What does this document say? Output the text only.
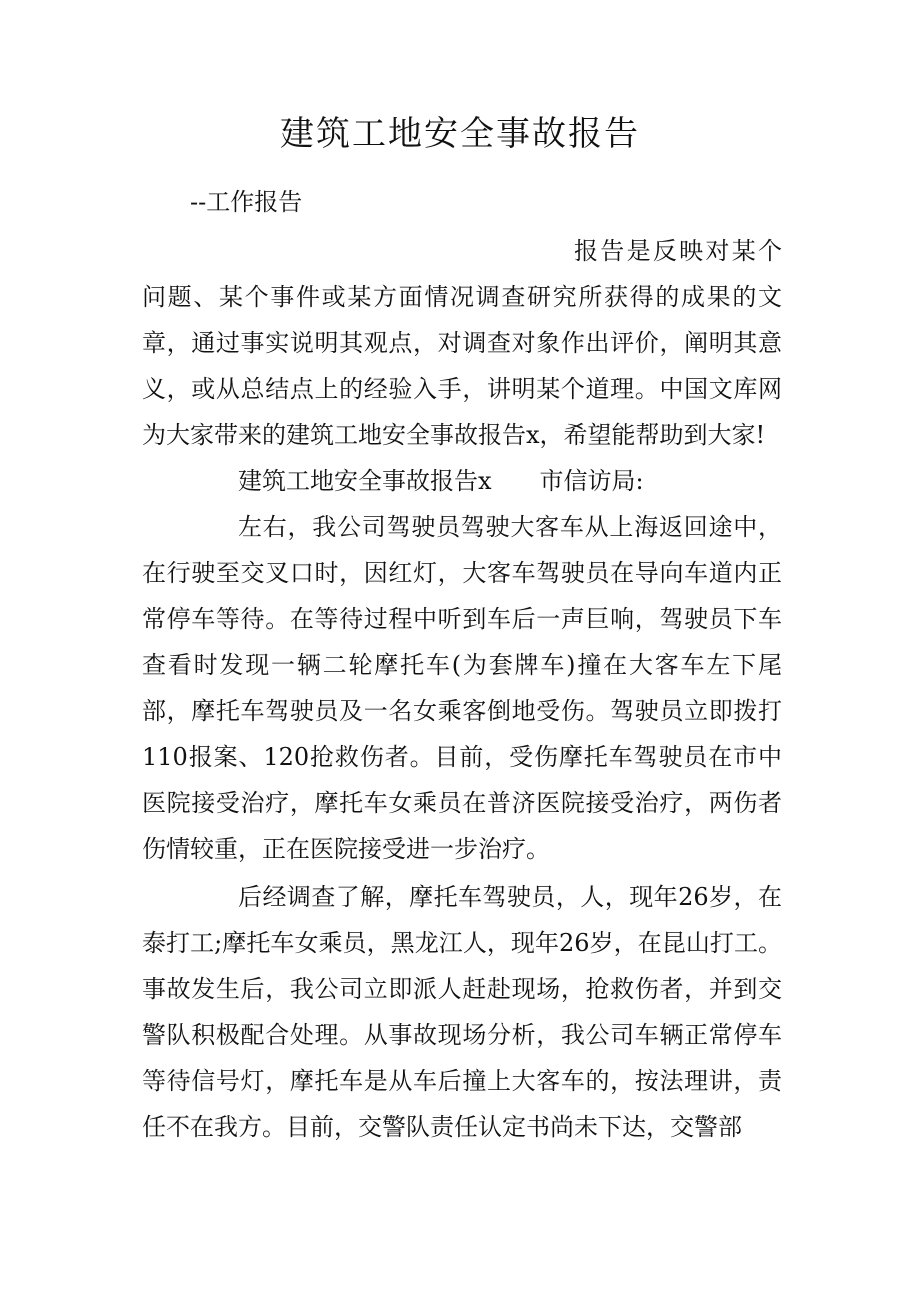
建筑工地安全事故报告

--工作报告

报告是反映对某个问题、某个事件或某方面情况调查研究所获得的成果的文章，通过事实说明其观点，对调查对象作出评价，阐明其意义，或从总结点上的经验入手，讲明某个道理。中国文库网为大家带来的建筑工地安全事故报告x，希望能帮助到大家!

建筑工地安全事故报告x 市信访局:

左右，我公司驾驶员驾驶大客车从上海返回途中，在行驶至交叉口时，因红灯，大客车驾驶员在导向车道内正常停车等待。在等待过程中听到车后一声巨响，驾驶员下车查看时发现一辆二轮摩托车(为套牌车)撞在大客车左下尾部，摩托车驾驶员及一名女乘客倒地受伤。驾驶员立即拨打110报案、120抢救伤者。目前，受伤摩托车驾驶员在市中医院接受治疗，摩托车女乘员在普济医院接受治疗，两伤者伤情较重，正在医院接受进一步治疗。

后经调查了解，摩托车驾驶员，人，现年26岁，在泰打工;摩托车女乘员，黑龙江人，现年26岁，在昆山打工。事故发生后，我公司立即派人赶赴现场，抢救伤者，并到交警队积极配合处理。从事故现场分析，我公司车辆正常停车等待信号灯，摩托车是从车后撞上大客车的，按法理讲，责任不在我方。目前，交警队责任认定书尚未下达，交警部
